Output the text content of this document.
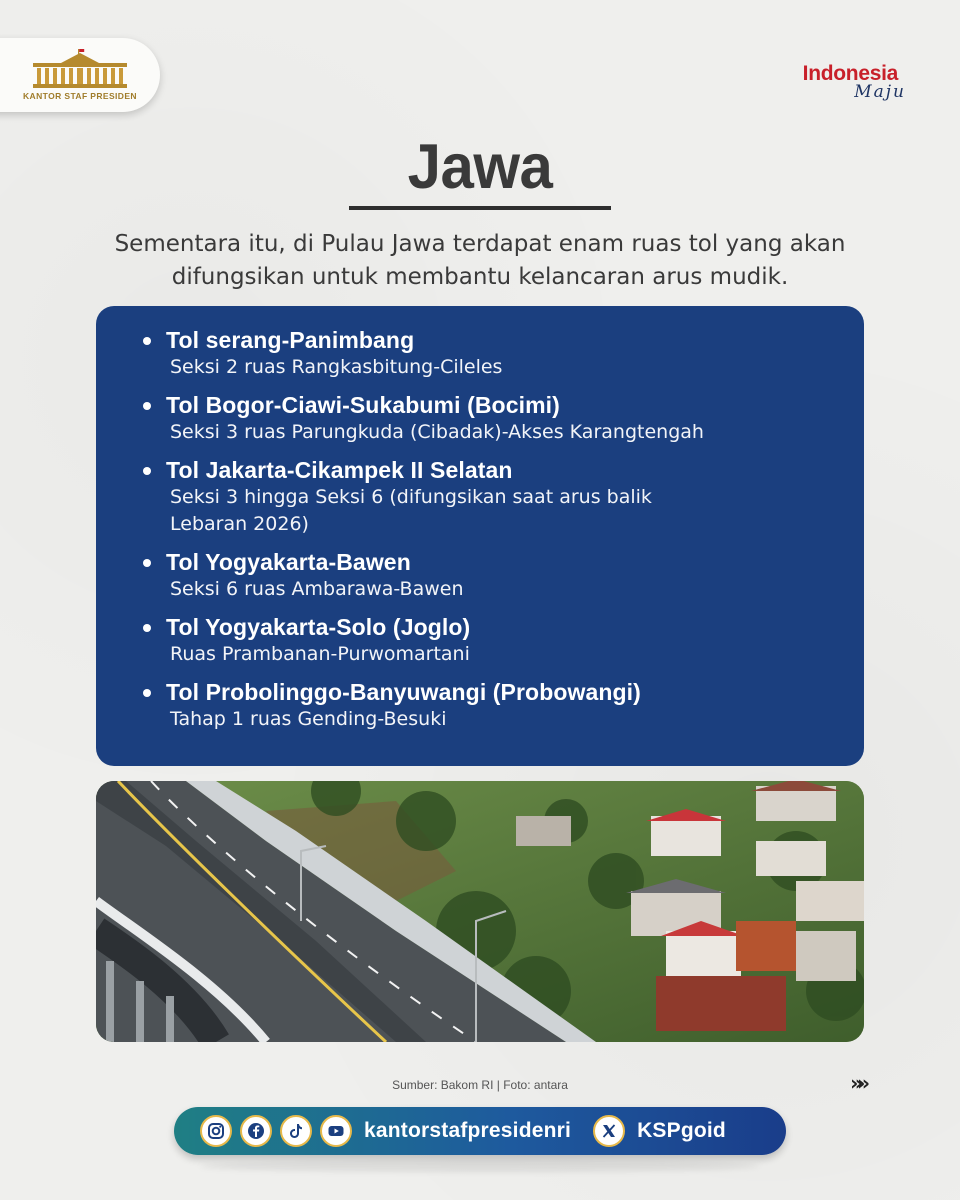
KANTOR STAF PRESIDEN
Indonesia
Maju
Jawa
Sementara itu, di Pulau Jawa terdapat enam ruas tol yang akan difungsikan untuk membantu kelancaran arus mudik.
Tol serang-Panimbang
Seksi 2 ruas Rangkasbitung-Cileles
Tol Bogor-Ciawi-Sukabumi (Bocimi)
Seksi 3 ruas Parungkuda (Cibadak)-Akses Karangtengah
Tol Jakarta-Cikampek II Selatan
Seksi 3 hingga Seksi 6 (difungsikan saat arus balik Lebaran 2026)
Tol Yogyakarta-Bawen
Seksi 6 ruas Ambarawa-Bawen
Tol Yogyakarta-Solo (Joglo)
Ruas Prambanan-Purwomartani
Tol Probolinggo-Banyuwangi (Probowangi)
Tahap 1 ruas Gending-Besuki
Sumber: Bakom RI | Foto: antara	»»
kantorstafpresidenri	KSPgoid
